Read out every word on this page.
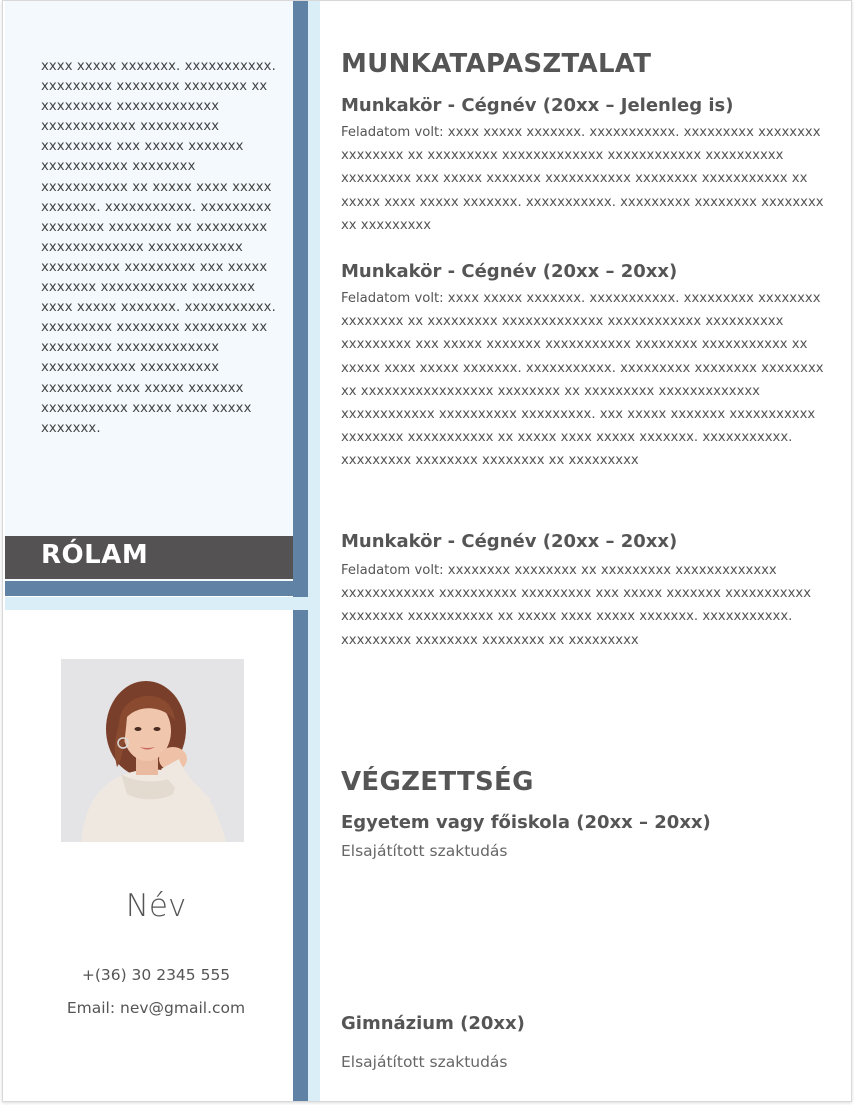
xxxx xxxxx xxxxxxx. xxxxxxxxxxx. xxxxxxxxx xxxxxxxx xxxxxxxx xx xxxxxxxxx xxxxxxxxxxxxx xxxxxxxxxxxx xxxxxxxxxx xxxxxxxxx xxx xxxxx xxxxxxx xxxxxxxxxxx xxxxxxxx xxxxxxxxxxx xx xxxxx xxxx xxxxx xxxxxxx. xxxxxxxxxxx. xxxxxxxxx xxxxxxxx xxxxxxxx xx xxxxxxxxx xxxxxxxxxxxxx xxxxxxxxxxxx xxxxxxxxxx xxxxxxxxx xxx xxxxx xxxxxxx xxxxxxxxxxx xxxxxxxx xxxx xxxxx xxxxxxx. xxxxxxxxxxx. xxxxxxxxx xxxxxxxx xxxxxxxx xx xxxxxxxxx xxxxxxxxxxxxx xxxxxxxxxxxx xxxxxxxxxx xxxxxxxxx xxx xxxxx xxxxxxx xxxxxxxxxxx xxxxx xxxx xxxxx xxxxxxx.
RÓLAM
Név
+(36) 30 2345 555
Email: nev@gmail.com
MUNKATAPASZTALAT
Munkakör - Cégnév (20xx – Jelenleg is)
Feladatom volt: xxxx xxxxx xxxxxxx. xxxxxxxxxxx. xxxxxxxxx xxxxxxxx xxxxxxxx xx xxxxxxxxx xxxxxxxxxxxxx xxxxxxxxxxxx xxxxxxxxxx xxxxxxxxx xxx xxxxx xxxxxxx xxxxxxxxxxx xxxxxxxx xxxxxxxxxxx xx xxxxx xxxx xxxxx xxxxxxx. xxxxxxxxxxx. xxxxxxxxx xxxxxxxx xxxxxxxx xx xxxxxxxxx
Munkakör - Cégnév (20xx – 20xx)
Feladatom volt: xxxx xxxxx xxxxxxx. xxxxxxxxxxx. xxxxxxxxx xxxxxxxx xxxxxxxx xx xxxxxxxxx xxxxxxxxxxxxx xxxxxxxxxxxx xxxxxxxxxx xxxxxxxxx xxx xxxxx xxxxxxx xxxxxxxxxxx xxxxxxxx xxxxxxxxxxx xx xxxxx xxxx xxxxx xxxxxxx. xxxxxxxxxxx. xxxxxxxxx xxxxxxxx xxxxxxxx xx xxxxxxxxxxxxxxxxx xxxxxxxx xx xxxxxxxxx xxxxxxxxxxxxx xxxxxxxxxxxx xxxxxxxxxx xxxxxxxxx. xxx xxxxx xxxxxxx xxxxxxxxxxx xxxxxxxx xxxxxxxxxxx xx xxxxx xxxx xxxxx xxxxxxx. xxxxxxxxxxx. xxxxxxxxx xxxxxxxx xxxxxxxx xx xxxxxxxxx
Munkakör - Cégnév (20xx – 20xx)
Feladatom volt: xxxxxxxx xxxxxxxx xx xxxxxxxxx xxxxxxxxxxxxx xxxxxxxxxxxx xxxxxxxxxx xxxxxxxxx xxx xxxxx xxxxxxx xxxxxxxxxxx xxxxxxxx xxxxxxxxxxx xx xxxxx xxxx xxxxx xxxxxxx. xxxxxxxxxxx. xxxxxxxxx xxxxxxxx xxxxxxxx xx xxxxxxxxx
VÉGZETTSÉG
Egyetem vagy főiskola (20xx – 20xx)
Elsajátított szaktudás
Gimnázium (20xx)
Elsajátított szaktudás
